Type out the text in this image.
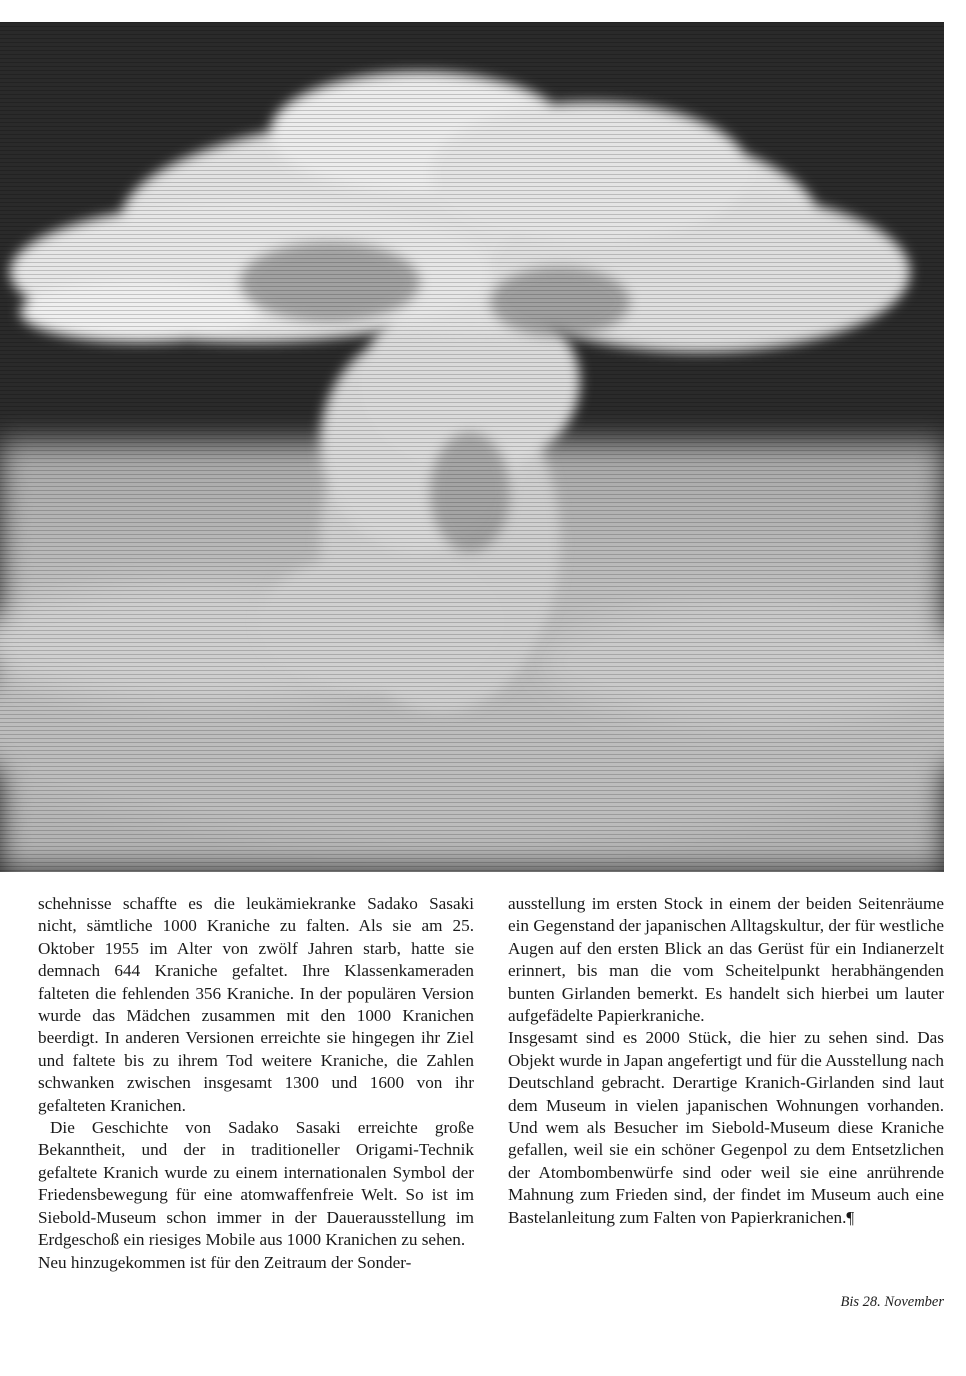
schehnisse schaffte es die leukämiekranke Sadako Sasaki nicht, sämtliche 1000 Kraniche zu falten. Als sie am 25. Oktober 1955 im Alter von zwölf Jahren starb, hatte sie demnach 644 Kraniche gefaltet. Ihre Klassenkameraden falteten die fehlenden 356 Kraniche. In der populären Version wurde das Mädchen zusammen mit den 1000 Kranichen beerdigt. In anderen Versionen erreichte sie hingegen ihr Ziel und faltete bis zu ihrem Tod weitere Kraniche, die Zahlen schwanken zwischen insgesamt 1300 und 1600 von ihr gefalteten Kranichen.

Die Geschichte von Sadako Sasaki erreichte große Bekanntheit, und der in traditioneller Origami-Technik gefaltete Kranich wurde zu einem internationalen Symbol der Friedensbewegung für eine atomwaffenfreie Welt. So ist im Siebold-Museum schon immer in der Dauerausstellung im Erdgeschoß ein riesiges Mobile aus 1000 Kranichen zu sehen.

Neu hinzugekommen ist für den Zeitraum der Sonder-

ausstellung im ersten Stock in einem der beiden Seitenräume ein Gegenstand der japanischen Alltagskultur, der für westliche Augen auf den ersten Blick an das Gerüst für ein Indianerzelt erinnert, bis man die vom Scheitelpunkt herabhängenden bunten Girlanden bemerkt. Es handelt sich hierbei um lauter aufgefädelte Papierkraniche.

Insgesamt sind es 2000 Stück, die hier zu sehen sind. Das Objekt wurde in Japan angefertigt und für die Ausstellung nach Deutschland gebracht. Derartige Kranich-Girlanden sind laut dem Museum in vielen japanischen Wohnungen vorhanden. Und wem als Besucher im Siebold-Museum diese Kraniche gefallen, weil sie ein schöner Gegenpol zu dem Entsetzlichen der Atombombenwürfe sind oder weil sie eine anrührende Mahnung zum Frieden sind, der findet im Museum auch eine Bastelanleitung zum Falten von Papierkranichen.¶

Bis 28. November
